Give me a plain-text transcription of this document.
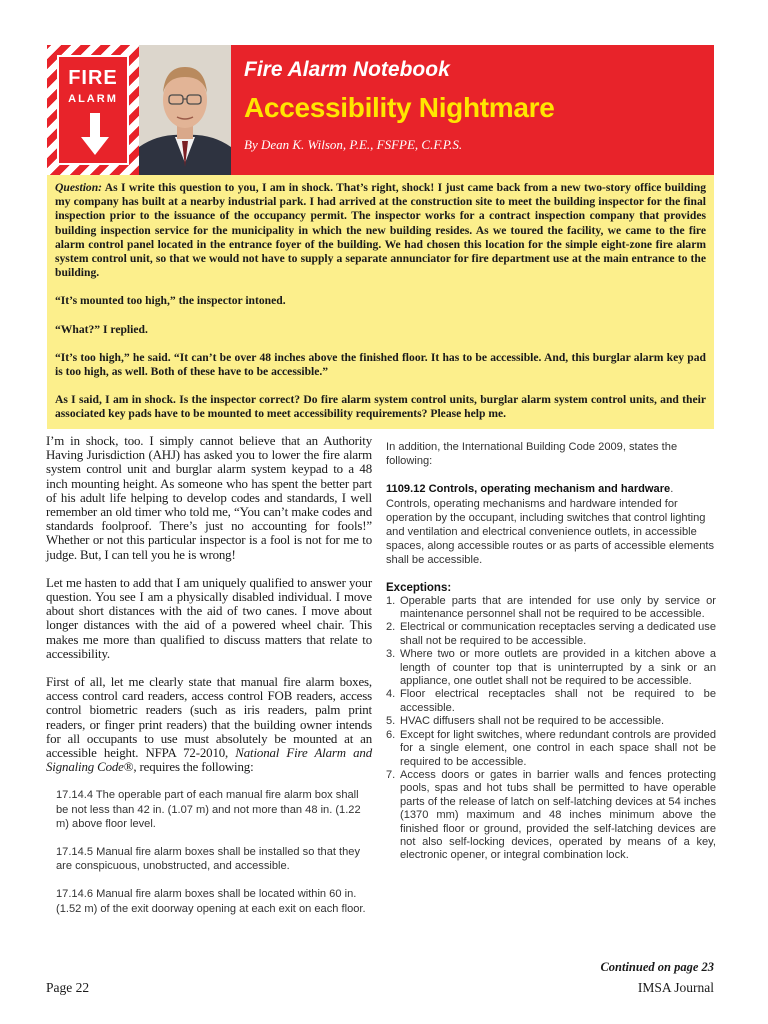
FIRE
ALARM
Fire Alarm Notebook
Accessibility Nightmare
By Dean K. Wilson, P.E., FSFPE, C.F.P.S.

Question: As I write this question to you, I am in shock. That’s right, shock! I just came back from a new two-story office building my company has built at a nearby industrial park. I had arrived at the construction site to meet the building inspector for the final inspection prior to the issuance of the occupancy permit. The inspector works for a contract inspection company that provides building inspection service for the municipality in which the new building resides. As we toured the facility, we came to the fire alarm control panel located in the entrance foyer of the building. We had chosen this location for the simple eight-zone fire alarm system control unit, so that we would not have to supply a separate annunciator for fire department use at the main entrance to the building.

“It’s mounted too high,” the inspector intoned.

“What?” I replied.

“It’s too high,” he said. “It can’t be over 48 inches above the finished floor. It has to be accessible. And, this burglar alarm key pad is too high, as well. Both of these have to be accessible.”

As I said, I am in shock. Is the inspector correct? Do fire alarm system control units, burglar alarm system control units, and their associated key pads have to be mounted to meet accessibility requirements? Please help me.

I’m in shock, too. I simply cannot believe that an Authority Having Jurisdiction (AHJ) has asked you to lower the fire alarm system control unit and burglar alarm system keypad to a 48 inch mounting height. As someone who has spent the better part of his adult life helping to develop codes and standards, I well remember an old timer who told me, “You can’t make codes and standards foolproof. There’s just no accounting for fools!” Whether or not this particular inspector is a fool is not for me to judge. But, I can tell you he is wrong!

Let me hasten to add that I am uniquely qualified to answer your question. You see I am a physically disabled individual. I move about short distances with the aid of two canes. I move about longer distances with the aid of a powered wheel chair. This makes me more than qualified to discuss matters that relate to accessibility.

First of all, let me clearly state that manual fire alarm boxes, access control card readers, access control FOB readers, access control biometric readers (such as iris readers, palm print readers, or finger print readers) that the building owner intends for all occupants to use must absolutely be mounted at an accessible height. NFPA 72-2010, National Fire Alarm and Signaling Code®, requires the following:

17.14.4 The operable part of each manual fire alarm box shall be not less than 42 in. (1.07 m) and not more than 48 in. (1.22 m) above floor level.

17.14.5 Manual fire alarm boxes shall be installed so that they are conspicuous, unobstructed, and accessible.

17.14.6 Manual fire alarm boxes shall be located within 60 in. (1.52 m) of the exit doorway opening at each exit on each floor.

In addition, the International Building Code 2009, states the following:

1109.12 Controls, operating mechanism and hardware.

Controls, operating mechanisms and hardware intended for operation by the occupant, including switches that control lighting and ventilation and electrical convenience outlets, in accessible spaces, along accessible routes or as parts of accessible elements shall be accessible.

Exceptions:
1. Operable parts that are intended for use only by service or maintenance personnel shall not be required to be accessible.
2. Electrical or communication receptacles serving a dedicated use shall not be required to be accessible.
3. Where two or more outlets are provided in a kitchen above a length of counter top that is uninterrupted by a sink or an appliance, one outlet shall not be required to be accessible.
4. Floor electrical receptacles shall not be required to be accessible.
5. HVAC diffusers shall not be required to be accessible.
6. Except for light switches, where redundant controls are provided for a single element, one control in each space shall not be required to be accessible.
7. Access doors or gates in barrier walls and fences protecting pools, spas and hot tubs shall be permitted to have operable parts of the release of latch on self-latching devices at 54 inches (1370 mm) maximum and 48 inches minimum above the finished floor or ground, provided the self-latching devices are not also self-locking devices, operated by means of a key, electronic opener, or integral combination lock.
Continued on page 23
Page 22	IMSA Journal
